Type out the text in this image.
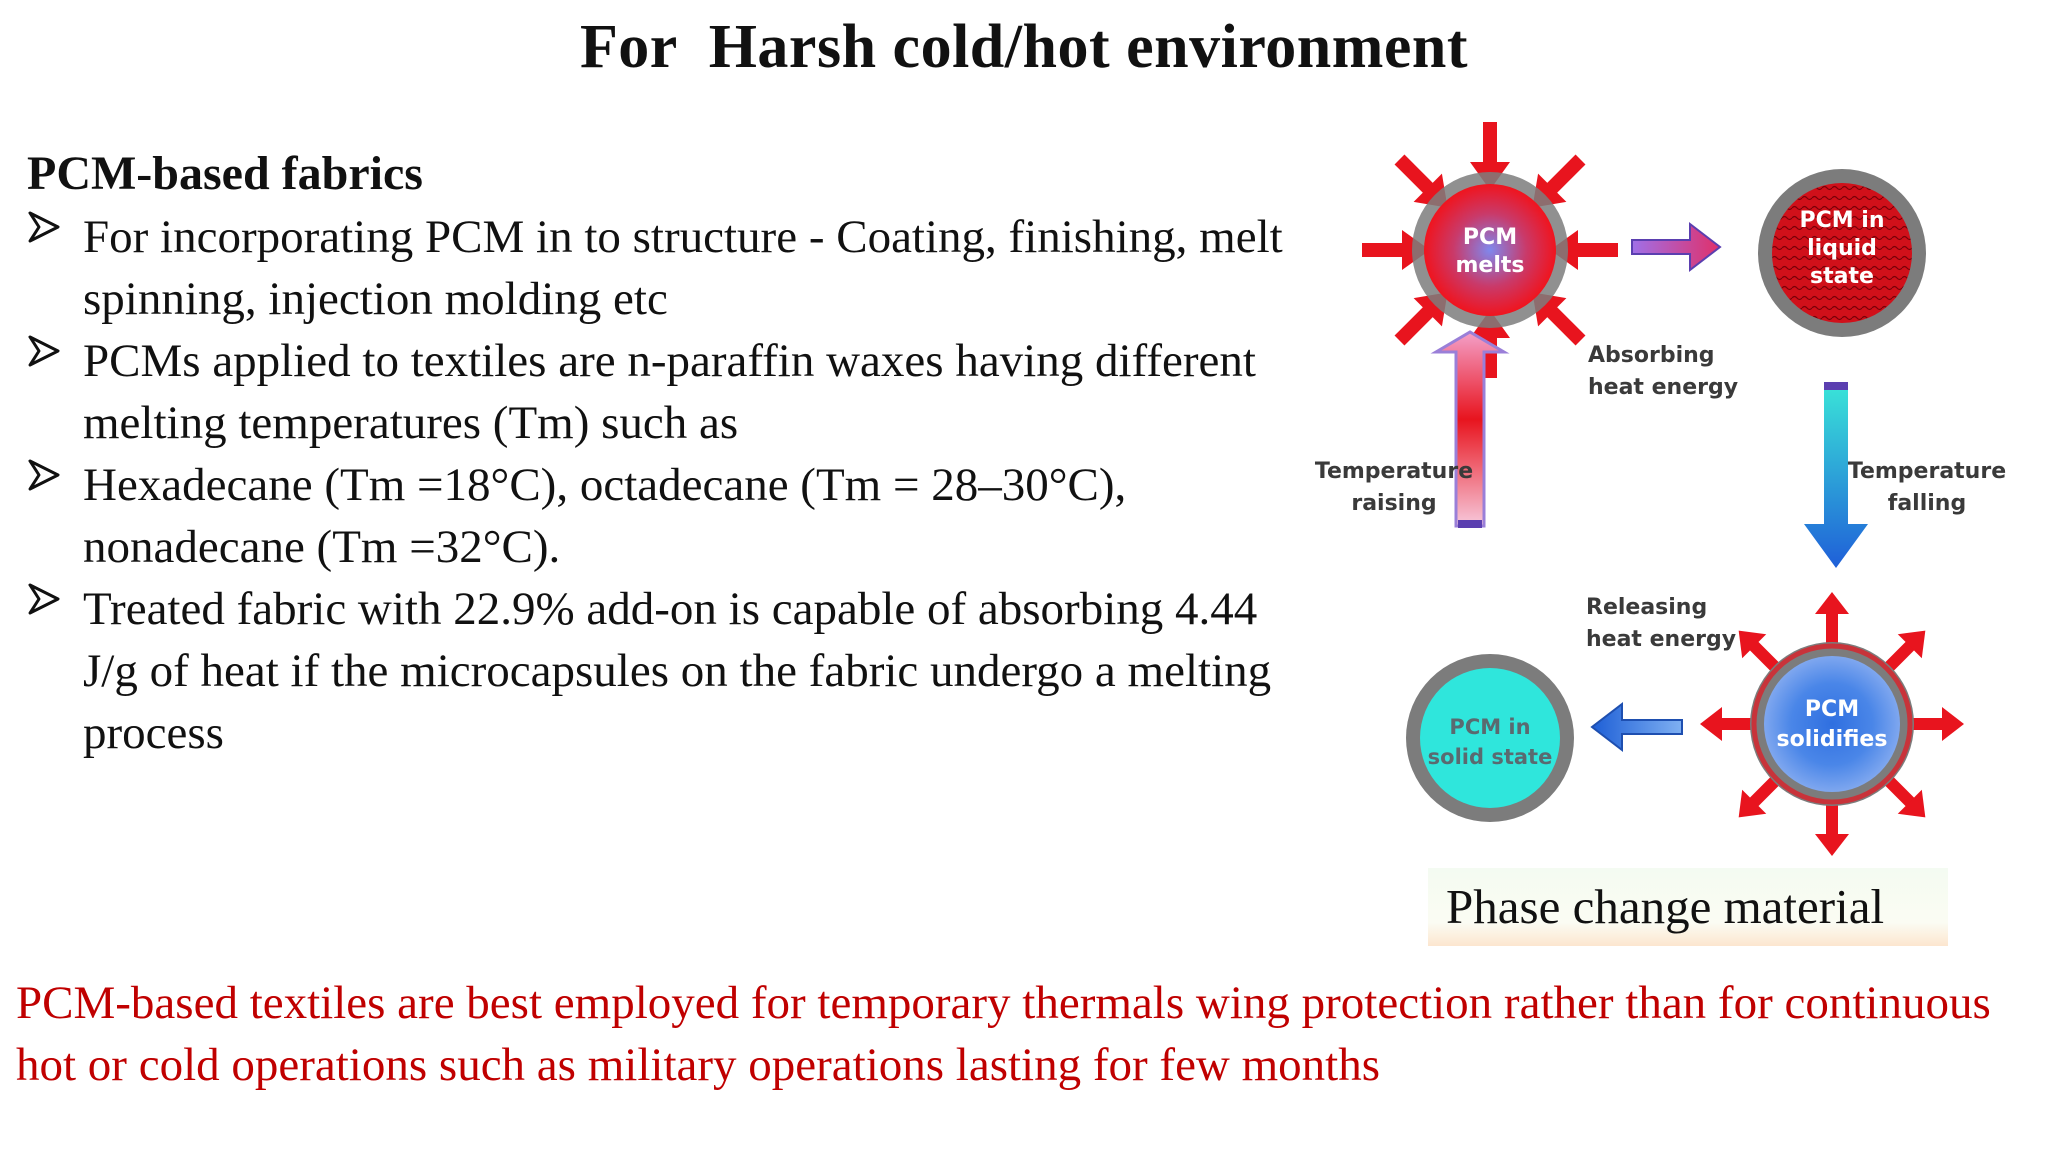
For  Harsh cold/hot environment
PCM-based fabrics
For incorporating PCM in to structure - Coating, finishing, melt spinning, injection molding etc
PCMs applied to textiles are n-paraffin waxes having different melting temperatures (Tm) such as
Hexadecane (Tm =18°C), octadecane (Tm = 28–30°C), nonadecane (Tm =32°C).
Treated fabric with 22.9% add-on is capable of absorbing 4.44 J/g of heat if the microcapsules on the fabric undergo a melting process
PCM
melts
PCM in
liquid
state
Absorbing
heat energy
Temperature
raising
Temperature
falling
Releasing
heat energy
PCM
solidifies
PCM in
solid state
Phase change material
PCM-based textiles are best employed for temporary thermals wing protection rather than for continuous hot or cold operations such as military operations lasting for few months
